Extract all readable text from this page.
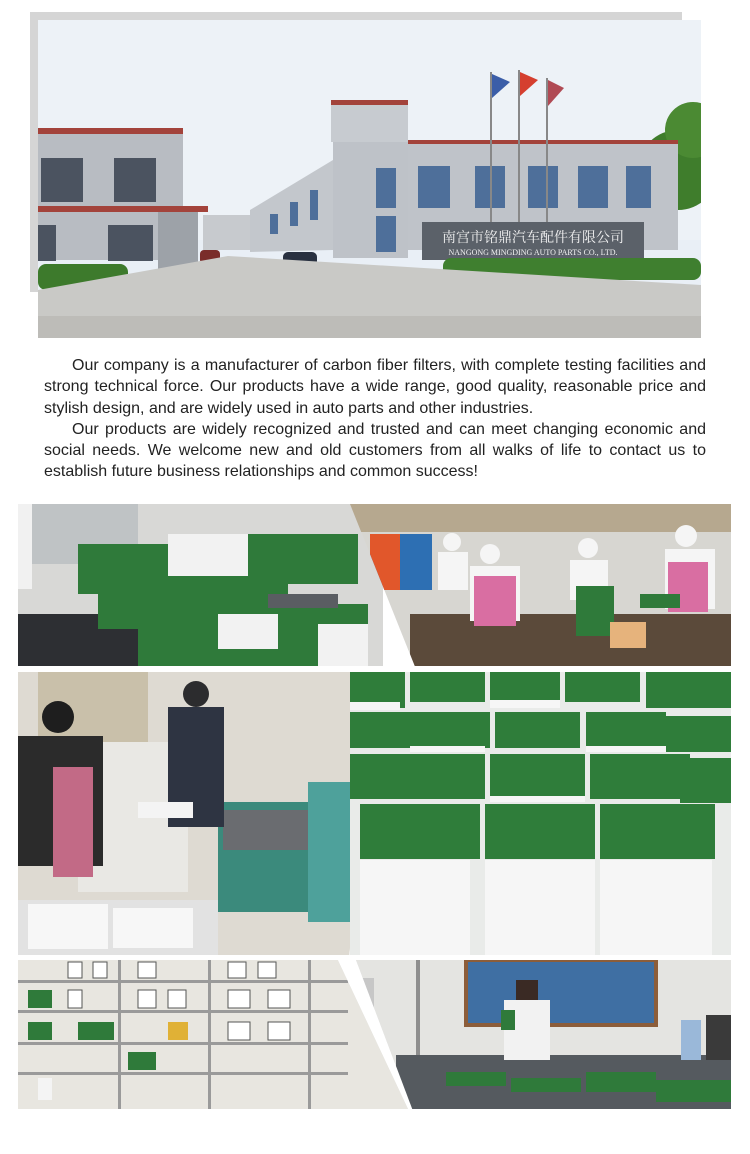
南宫市铭鼎汽车配件有限公司
NANGONG MINGDING AUTO PARTS CO., LTD.

Our company is a manufacturer of carbon fiber filters, with complete testing facilities and strong technical force. Our products have a wide range, good quality, reasonable price and stylish design, and are widely used in auto parts and other industries.

Our products are widely recognized and trusted and can meet changing economic and social needs. We welcome new and old customers from all walks of life to contact us to establish future business relationships and common success!
